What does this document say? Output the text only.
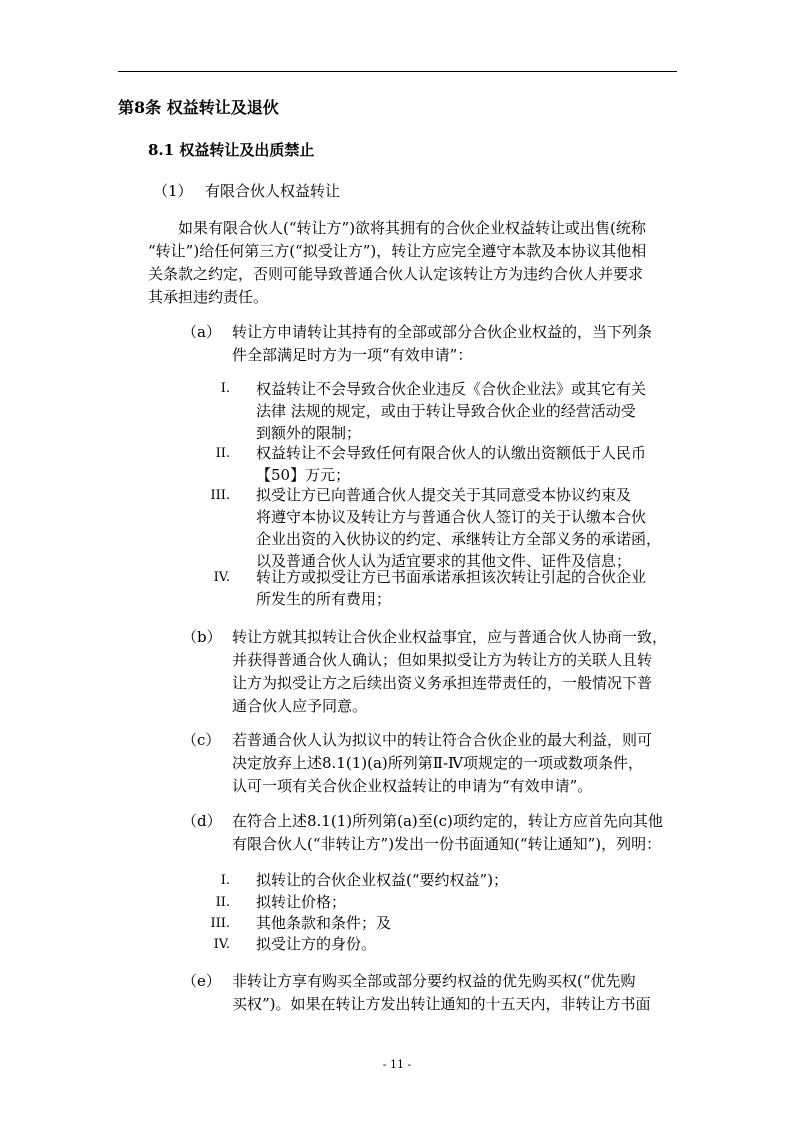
第8条 权益转让及退伙
8.1 权益转让及出质禁止
（1） 有限合伙人权益转让
如果有限合伙人(“转让方”)欲将其拥有的合伙企业权益转让或出售(统称
“转让”)给任何第三方(“拟受让方”)，转让方应完全遵守本款及本协议其他相
关条款之约定，否则可能导致普通合伙人认定该转让方为违约合伙人并要求
其承担违约责任。
（a） 转让方申请转让其持有的全部或部分合伙企业权益的，当下列条
件全部满足时方为一项“有效申请”：
I. 权益转让不会导致合伙企业违反《合伙企业法》或其它有关
法律 法规的规定，或由于转让导致合伙企业的经营活动受
到额外的限制；
II. 权益转让不会导致任何有限合伙人的认缴出资额低于人民币
【50】万元；
III. 拟受让方已向普通合伙人提交关于其同意受本协议约束及
将遵守本协议及转让方与普通合伙人签订的关于认缴本合伙
企业出资的入伙协议的约定、承继转让方全部义务的承诺函，
以及普通合伙人认为适宜要求的其他文件、证件及信息；
IV. 转让方或拟受让方已书面承诺承担该次转让引起的合伙企业
所发生的所有费用；
（b） 转让方就其拟转让合伙企业权益事宜，应与普通合伙人协商一致，
并获得普通合伙人确认；但如果拟受让方为转让方的关联人且转
让方为拟受让方之后续出资义务承担连带责任的，一般情况下普
通合伙人应予同意。
（c） 若普通合伙人认为拟议中的转让符合合伙企业的最大利益，则可
决定放弃上述8.1(1)(a)所列第Ⅱ-Ⅳ项规定的一项或数项条件，
认可一项有关合伙企业权益转让的申请为“有效申请”。
（d） 在符合上述8.1(1)所列第(a)至(c)项约定的，转让方应首先向其他
有限合伙人(“非转让方”)发出一份书面通知(“转让通知”)，列明：
I. 拟转让的合伙企业权益(“要约权益”)；
II. 拟转让价格；
III. 其他条款和条件；及
IV. 拟受让方的身份。
（e） 非转让方享有购买全部或部分要约权益的优先购买权(“优先购
买权”)。如果在转让方发出转让通知的十五天内，非转让方书面
- 11 -
